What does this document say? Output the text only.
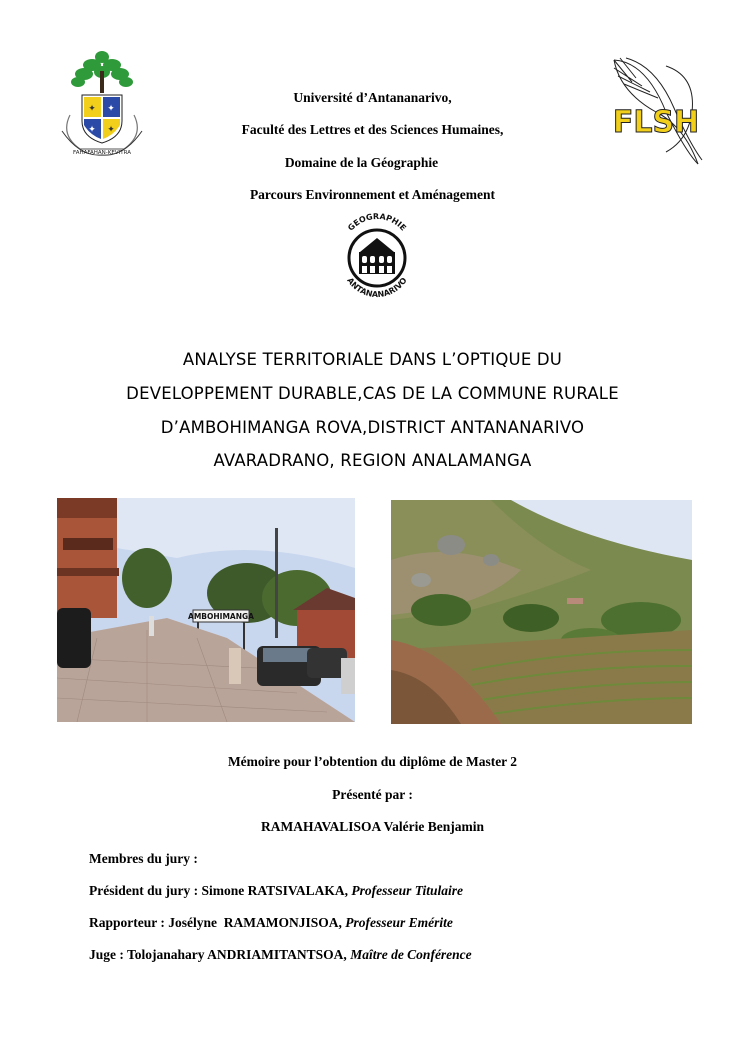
✦ ✦
✦ ✦
FAHAFAHAN-KEVITRA
FLSH
Université d’Antananarivo,
Faculté des Lettres et des Sciences Humaines,
Domaine de la Géographie
Parcours Environnement et Aménagement
GEOGRAPHIE
ANTANANARIVO
ANALYSE TERRITORIALE DANS L’OPTIQUE DU
DEVELOPPEMENT DURABLE,CAS DE LA COMMUNE RURALE
D’AMBOHIMANGA ROVA,DISTRICT ANTANANARIVO
AVARADRANO, REGION ANALAMANGA
AMBOHIMANGA
Mémoire pour l’obtention du diplôme de Master 2
Présenté par :
RAMAHAVALISOA Valérie Benjamin
Membres du jury :
Président du jury : Simone RATSIVALAKA, Professeur Titulaire
Rapporteur : Josélyne  RAMAMONJISOA, Professeur Emérite
Juge : Tolojanahary ANDRIAMITANTSOA, Maître de Conférence
